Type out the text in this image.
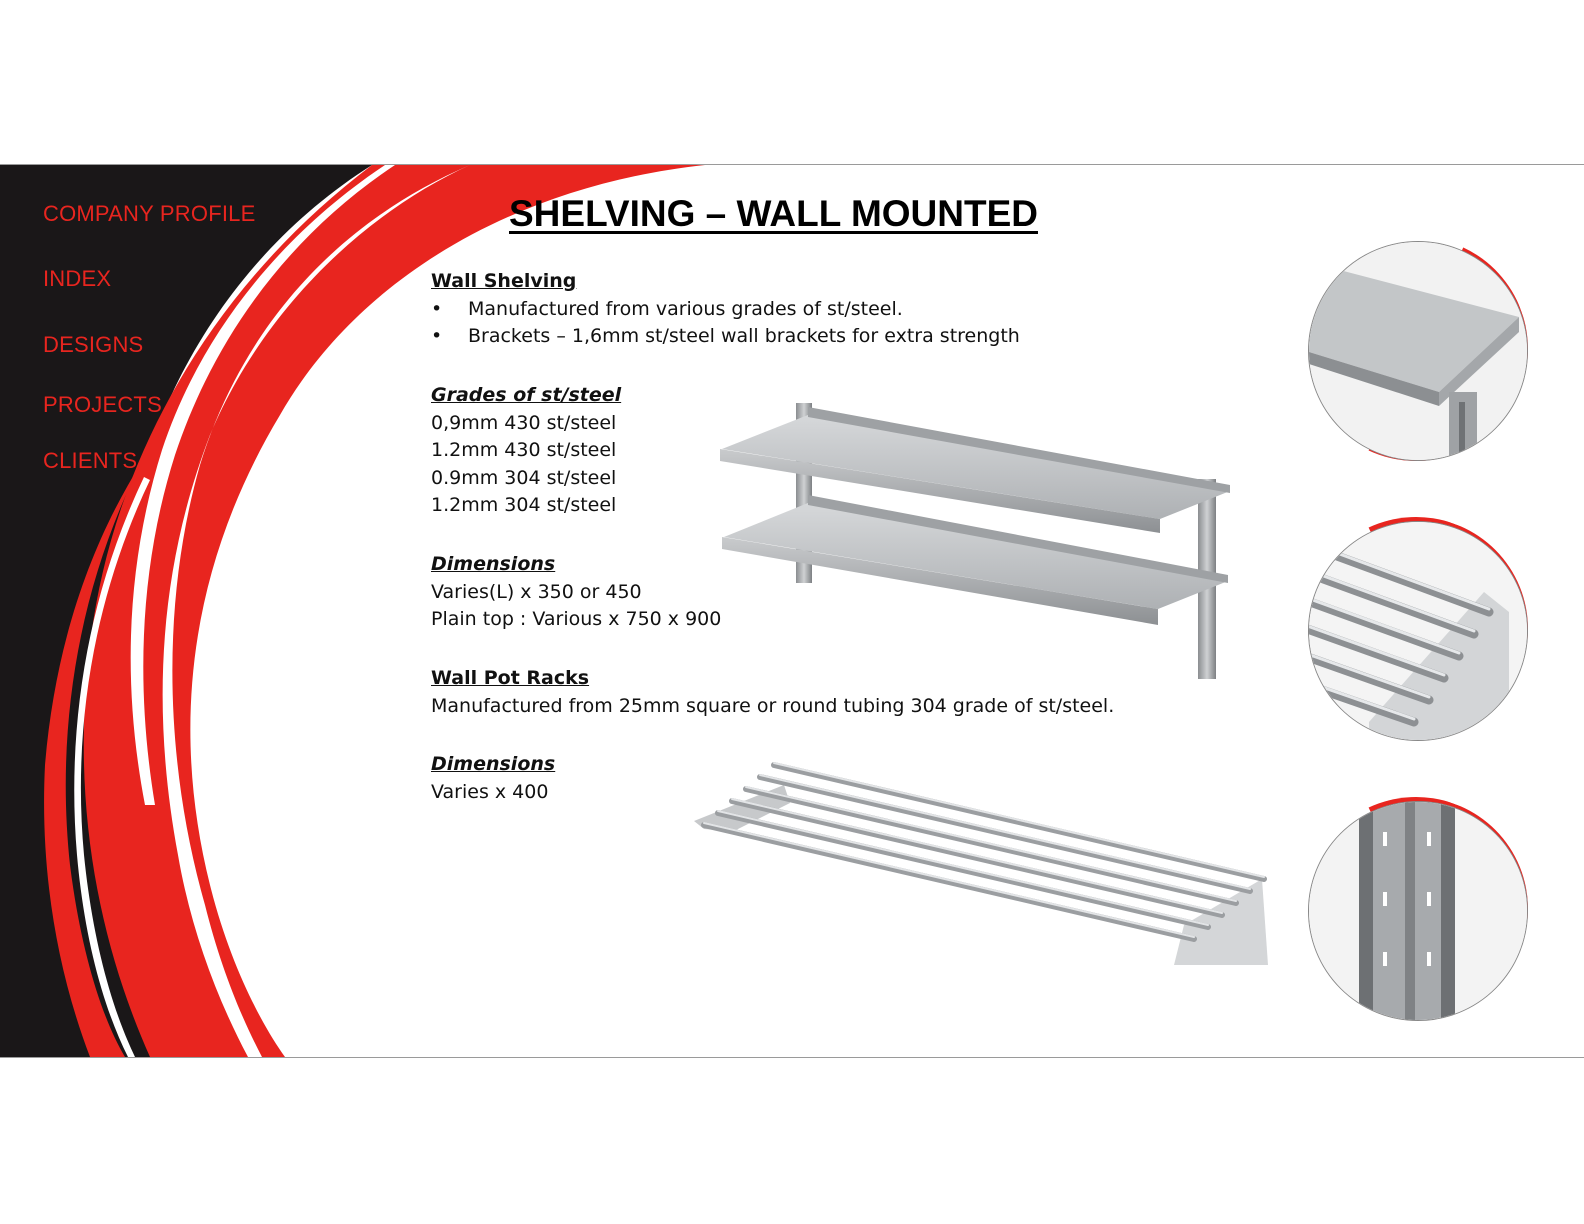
COMPANY PROFILE
INDEX
DESIGNS
PROJECTS
CLIENTS
SHELVING – WALL MOUNTED
Wall Shelving
• Manufactured from various grades of st/steel.
• Brackets – 1,6mm st/steel wall brackets for extra strength
Grades of st/steel
0,9mm 430 st/steel
1.2mm 430 st/steel
0.9mm 304 st/steel
1.2mm 304 st/steel
Dimensions
Varies(L) x 350 or 450
Plain top : Various x 750 x 900
Wall Pot Racks
Manufactured from 25mm square or round tubing 304 grade of st/steel.
Dimensions
Varies x 400
